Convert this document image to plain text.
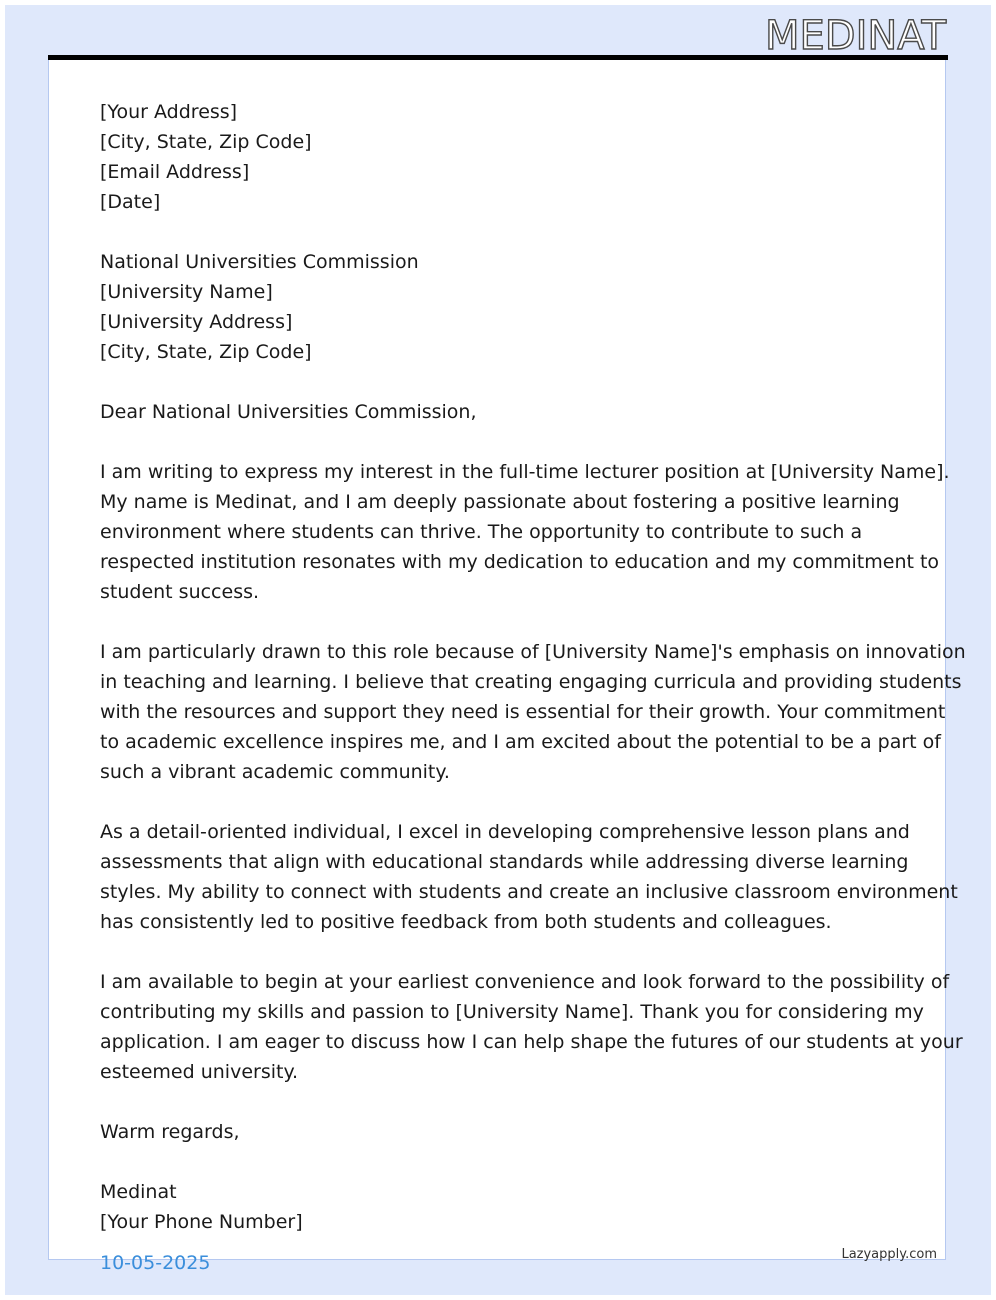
MEDINAT
[Your Address]
[City, State, Zip Code]
[Email Address]
[Date]
National Universities Commission
[University Name]
[University Address]
[City, State, Zip Code]
Dear National Universities Commission,
I am writing to express my interest in the full-time lecturer position at [University Name].
My name is Medinat, and I am deeply passionate about fostering a positive learning
environment where students can thrive. The opportunity to contribute to such a
respected institution resonates with my dedication to education and my commitment to
student success.
I am particularly drawn to this role because of [University Name]'s emphasis on innovation
in teaching and learning. I believe that creating engaging curricula and providing students
with the resources and support they need is essential for their growth. Your commitment
to academic excellence inspires me, and I am excited about the potential to be a part of
such a vibrant academic community.
As a detail-oriented individual, I excel in developing comprehensive lesson plans and
assessments that align with educational standards while addressing diverse learning
styles. My ability to connect with students and create an inclusive classroom environment
has consistently led to positive feedback from both students and colleagues.
I am available to begin at your earliest convenience and look forward to the possibility of
contributing my skills and passion to [University Name]. Thank you for considering my
application. I am eager to discuss how I can help shape the futures of our students at your
esteemed university.
Warm regards,
Medinat
[Your Phone Number]
10-05-2025	Lazyapply.com
